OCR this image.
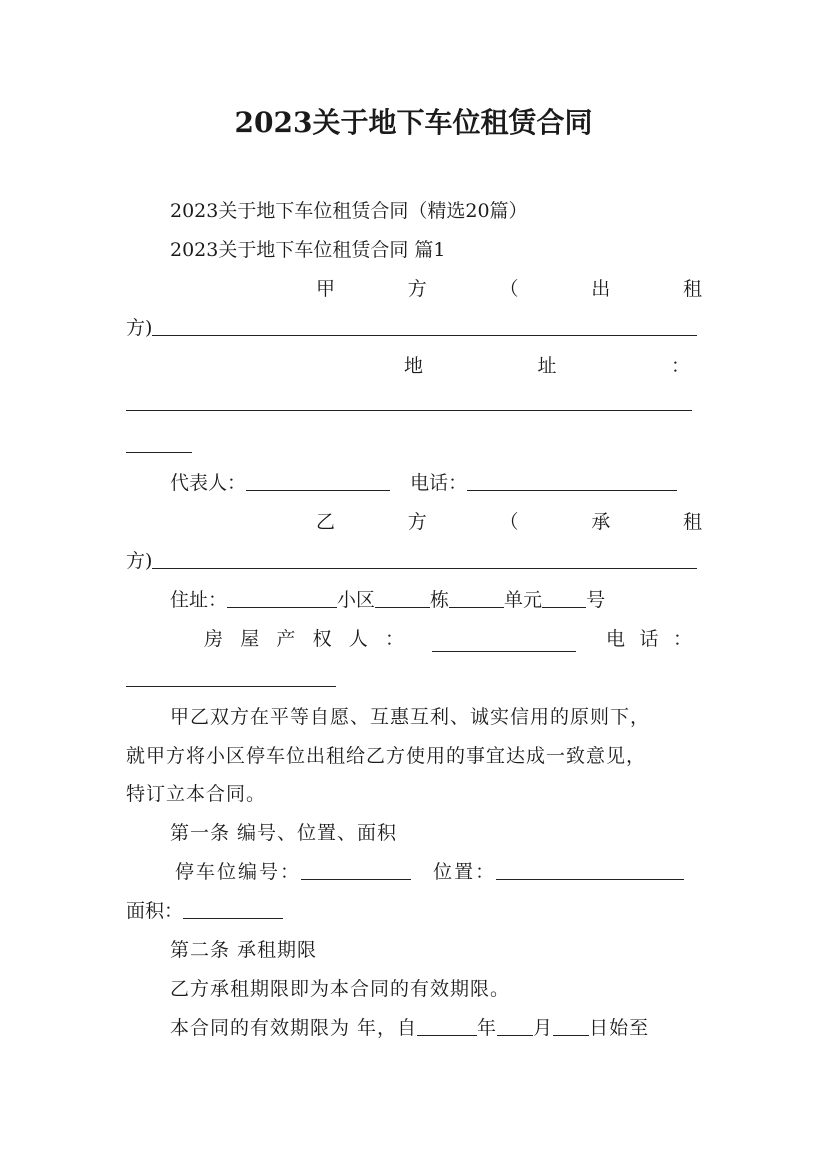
2023关于地下车位租赁合同

2023关于地下车位租赁合同（精选20篇）

2023关于地下车位租赁合同 篇1

甲	方	（	出	租

方)

地	址	：

代表人：	电话：

乙	方	（	承	租

方)

住址：	小区	栋	单元 号

房 屋 产 权 人 ：	电 话 ：

甲乙双方在平等自愿、互惠互利、诚实信用的原则下，

就甲方将小区停车位出租给乙方使用的事宜达成一致意见，

特订立本合同。

第一条 编号、位置、面积

停车位编号：	位置：

面积：

第二条 承租期限

乙方承租期限即为本合同的有效期限。

本合同的有效期限为 年，自	年 月 日始至
